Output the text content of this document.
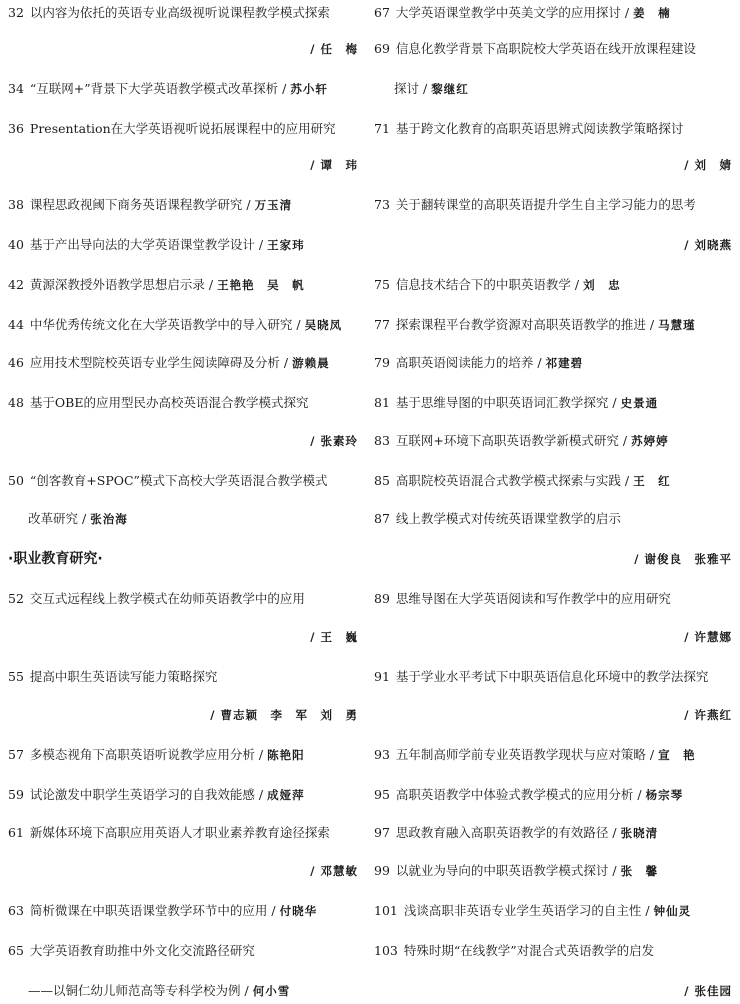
32 以内容为依托的英语专业高级视听说课程教学模式探索
/ 任　梅
34 “互联网+”背景下大学英语教学模式改革探析 / 苏小轩
36 Presentation在大学英语视听说拓展课程中的应用研究
/ 谭　玮
38 课程思政视阈下商务英语课程教学研究 / 万玉清
40 基于产出导向法的大学英语课堂教学设计 / 王家玮
42 黄源深教授外语教学思想启示录 / 王艳艳　吴　帆
44 中华优秀传统文化在大学英语教学中的导入研究 / 吴晓凤
46 应用技术型院校英语专业学生阅读障碍及分析 / 游赖晨
48 基于OBE的应用型民办高校英语混合教学模式探究
/ 张素玲
50 “创客教育+SPOC”模式下高校大学英语混合教学模式
改革研究 / 张治海
·职业教育研究·
52 交互式远程线上教学模式在幼师英语教学中的应用
/ 王　巍
55 提高中职生英语读写能力策略探究
/ 曹志颖　李　军　刘　勇
57 多模态视角下高职英语听说教学应用分析 / 陈艳阳
59 试论激发中职学生英语学习的自我效能感 / 成娅萍
61 新媒体环境下高职应用英语人才职业素养教育途径探索
/ 邓慧敏
63 简析微课在中职英语课堂教学环节中的应用 / 付晓华
65 大学英语教育助推中外文化交流路径研究
——以铜仁幼儿师范高等专科学校为例 / 何小雪
67 大学英语课堂教学中英美文学的应用探讨 / 姜　楠
69 信息化教学背景下高职院校大学英语在线开放课程建设
探讨 / 黎继红
71 基于跨文化教育的高职英语思辨式阅读教学策略探讨
/ 刘　婧
73 关于翻转课堂的高职英语提升学生自主学习能力的思考
/ 刘晓燕
75 信息技术结合下的中职英语教学 / 刘　忠
77 探索课程平台教学资源对高职英语教学的推进 / 马慧瑾
79 高职英语阅读能力的培养 / 祁建碧
81 基于思维导图的中职英语词汇教学探究 / 史景通
83 互联网+环境下高职英语教学新模式研究 / 苏婷婷
85 高职院校英语混合式教学模式探索与实践 / 王　红
87 线上教学模式对传统英语课堂教学的启示
/ 谢俊良　张雅平
89 思维导图在大学英语阅读和写作教学中的应用研究
/ 许慧娜
91 基于学业水平考试下中职英语信息化环境中的教学法探究
/ 许燕红
93 五年制高师学前专业英语教学现状与应对策略 / 宣　艳
95 高职英语教学中体验式教学模式的应用分析 / 杨宗琴
97 思政教育融入高职英语教学的有效路径 / 张晓清
99 以就业为导向的中职英语教学模式探讨 / 张　馨
101 浅谈高职非英语专业学生英语学习的自主性 / 钟仙灵
103 特殊时期“在线教学”对混合式英语教学的启发
/ 张佳园
